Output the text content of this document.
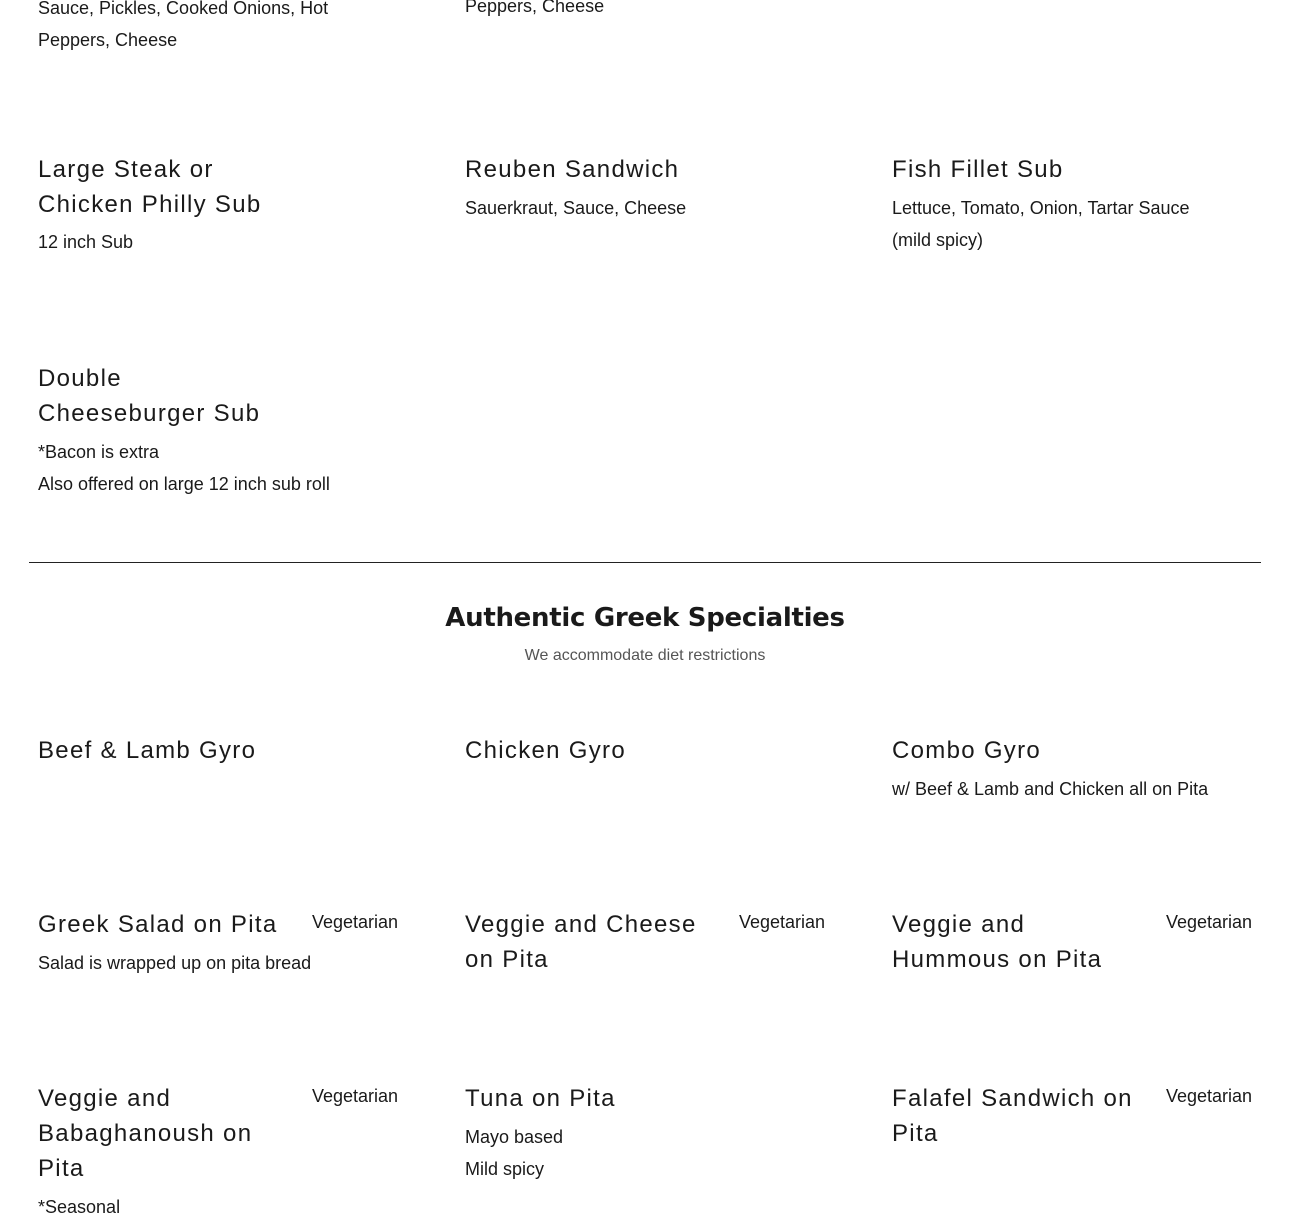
Sauce, Pickles, Cooked Onions, Hot
Peppers, Cheese

Peppers, Cheese

Large Steak or
Chicken Philly Sub

12 inch Sub

Reuben Sandwich

Sauerkraut, Sauce, Cheese

Fish Fillet Sub

Lettuce, Tomato, Onion, Tartar Sauce
(mild spicy)

Double
Cheeseburger Sub

*Bacon is extra
Also offered on large 12 inch sub roll

Authentic Greek Specialties

We accommodate diet restrictions

Beef & Lamb Gyro	Chicken Gyro	Combo Gyro

w/ Beef & Lamb and Chicken all on Pita

Greek Salad on Pita	Vegetarian

Salad is wrapped up on pita bread

Veggie and Cheese
on Pita
Vegetarian	Veggie and
Hummous on Pita
Vegetarian
Veggie and
Babaghanoush on
Pita
Vegetarian

*Seasonal

Tuna on Pita

Mayo based
Mild spicy

Falafel Sandwich on
Pita
Vegetarian
